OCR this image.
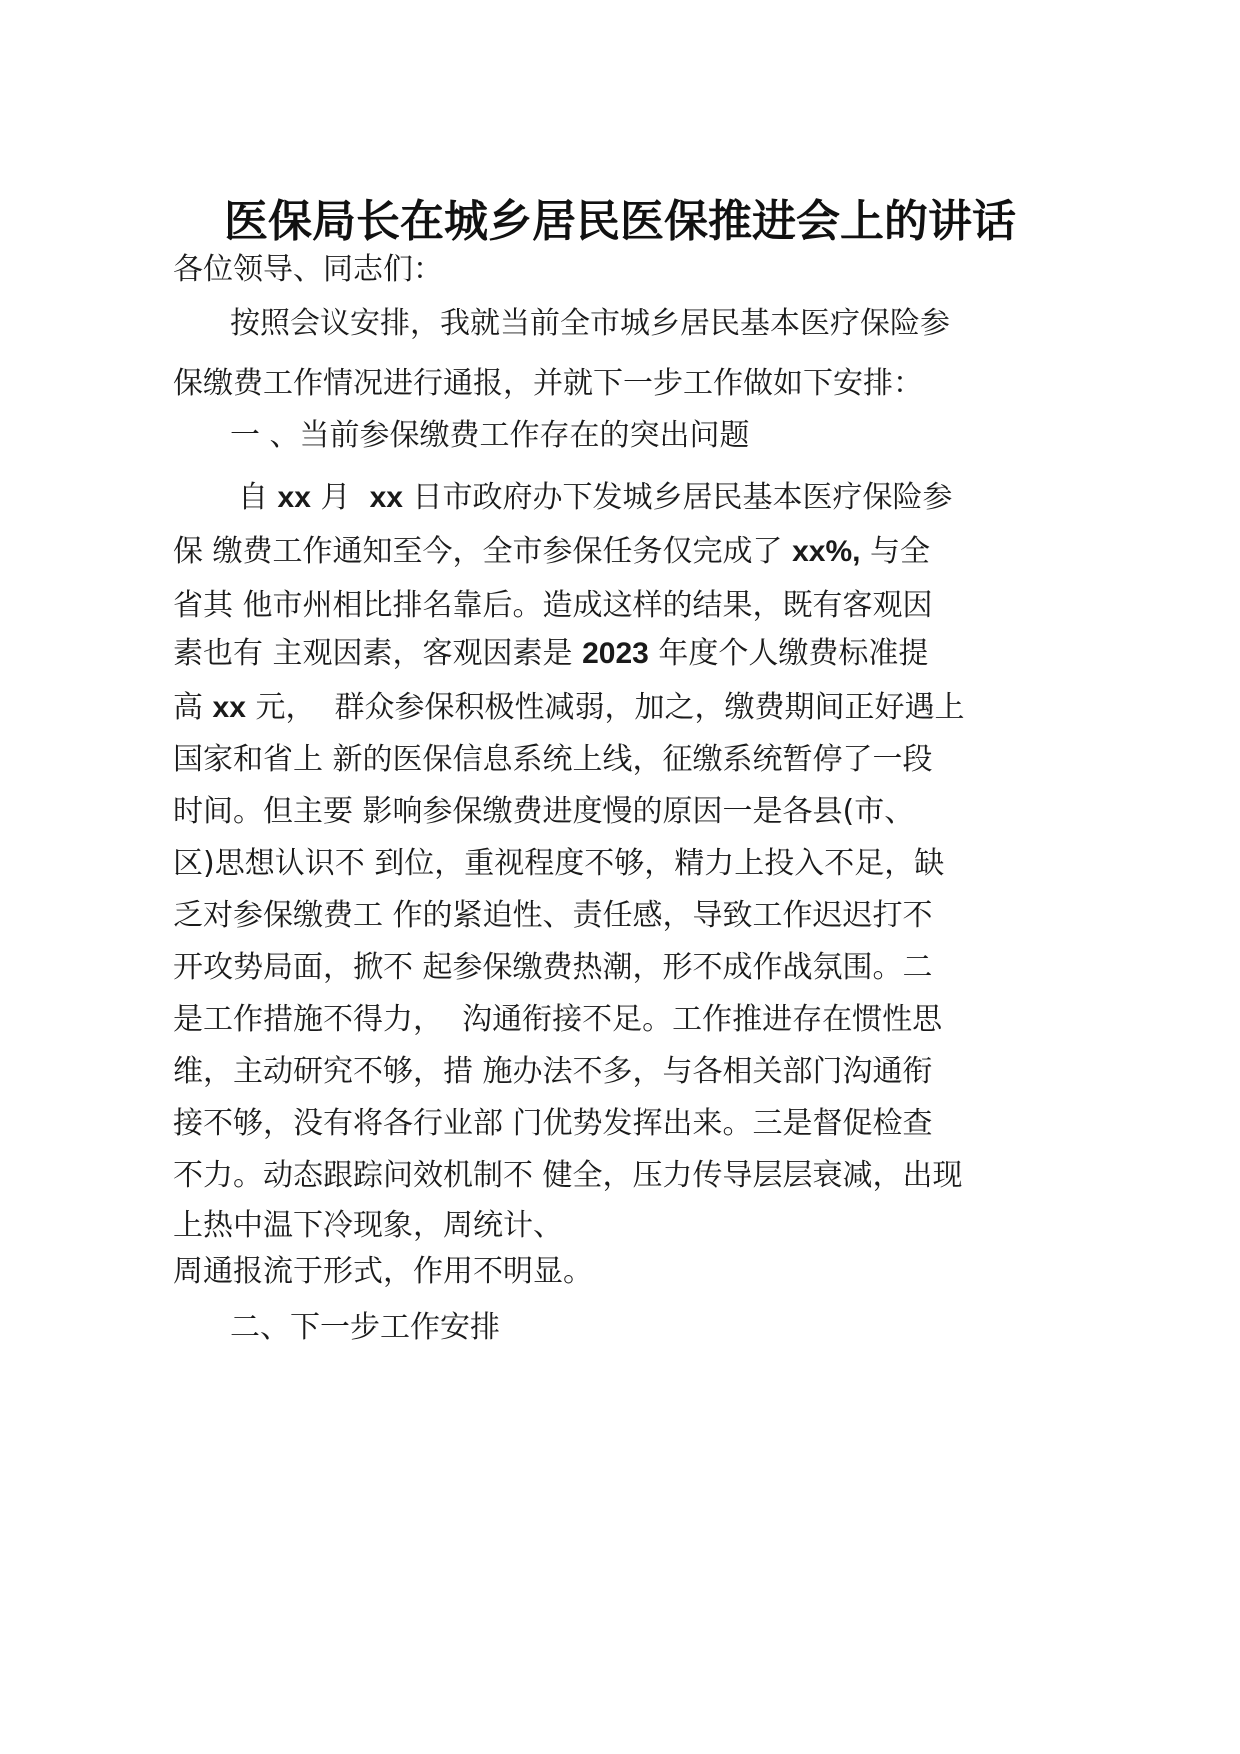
医保局长在城乡居民医保推进会上的讲话
各位领导、同志们：
按照会议安排，我就当前全市城乡居民基本医疗保险参
保缴费工作情况进行通报，并就下一步工作做如下安排：
一 、当前参保缴费工作存在的突出问题
自 xx 月  xx 日市政府办下发城乡居民基本医疗保险参
保 缴费工作通知至今，全市参保任务仅完成了 xx%, 与全
省其 他市州相比排名靠后。造成这样的结果，既有客观因
素也有 主观因素，客观因素是 2023 年度个人缴费标准提
高 xx 元，  群众参保积极性减弱，加之，缴费期间正好遇上
国家和省上 新的医保信息系统上线，征缴系统暂停了一段
时间。但主要 影响参保缴费进度慢的原因一是各县(市、
区)思想认识不 到位，重视程度不够，精力上投入不足，缺
乏对参保缴费工 作的紧迫性、责任感，导致工作迟迟打不
开攻势局面，掀不 起参保缴费热潮，形不成作战氛围。二
是工作措施不得力，  沟通衔接不足。工作推进存在惯性思
维，主动研究不够，措 施办法不多，与各相关部门沟通衔
接不够，没有将各行业部 门优势发挥出来。三是督促检查
不力。动态跟踪问效机制不 健全，压力传导层层衰减，出现
上热中温下冷现象，周统计、
周通报流于形式，作用不明显。
二、下一步工作安排
